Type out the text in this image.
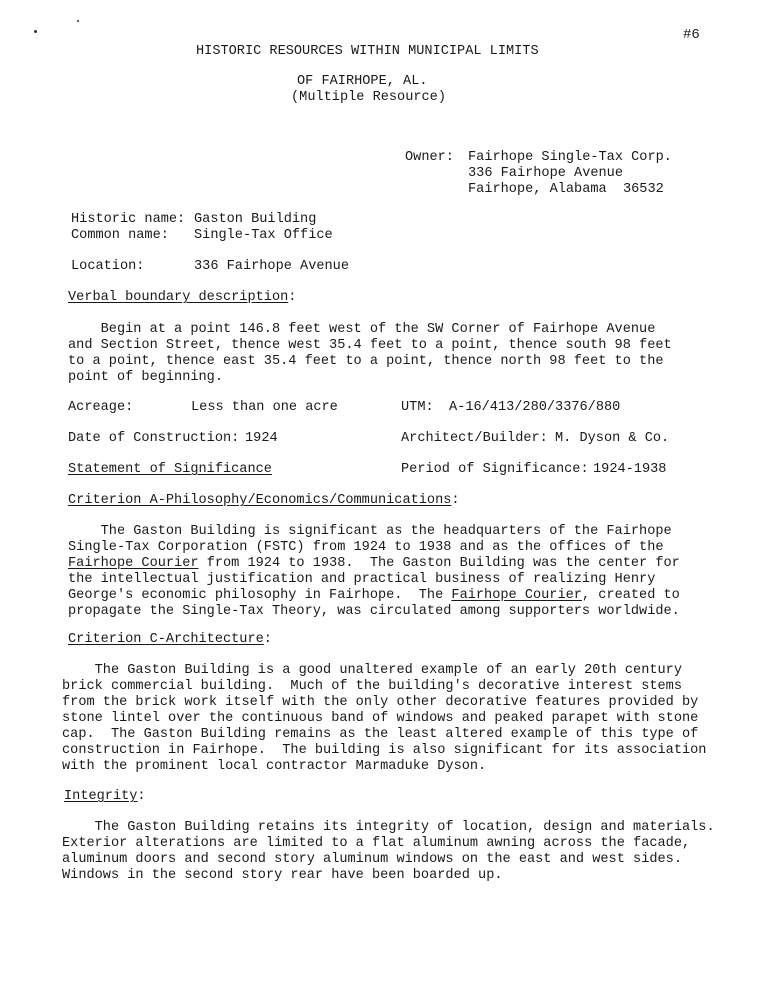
#6
HISTORIC RESOURCES WITHIN MUNICIPAL LIMITS
OF FAIRHOPE, AL.
(Multiple Resource)
Owner: Fairhope Single-Tax Corp.
336 Fairhope Avenue
Fairhope, Alabama  36532
Historic name: Gaston Building
Common name: Single-Tax Office
Location:	336 Fairhope Avenue
Verbal boundary description:
Begin at a point 146.8 feet west of the SW Corner of Fairhope Avenue
and Section Street, thence west 35.4 feet to a point, thence south 98 feet
to a point, thence east 35.4 feet to a point, thence north 98 feet to the
point of beginning.
Acreage:	Less than one acre	UTM: A-16/413/280/3376/880
Date of Construction: 1924	Architect/Builder: M. Dyson & Co.
Statement of Significance	Period of Significance: 1924-1938
Criterion A-Philosophy/Economics/Communications:
The Gaston Building is significant as the headquarters of the Fairhope
Single-Tax Corporation (FSTC) from 1924 to 1938 and as the offices of the
Fairhope Courier from 1924 to 1938.  The Gaston Building was the center for
the intellectual justification and practical business of realizing Henry
George's economic philosophy in Fairhope.  The Fairhope Courier, created to
propagate the Single-Tax Theory, was circulated among supporters worldwide.
Criterion C-Architecture:
The Gaston Building is a good unaltered example of an early 20th century
brick commercial building.  Much of the building's decorative interest stems
from the brick work itself with the only other decorative features provided by
stone lintel over the continuous band of windows and peaked parapet with stone
cap.  The Gaston Building remains as the least altered example of this type of
construction in Fairhope.  The building is also significant for its association
with the prominent local contractor Marmaduke Dyson.
Integrity:
The Gaston Building retains its integrity of location, design and materials.
Exterior alterations are limited to a flat aluminum awning across the facade,
aluminum doors and second story aluminum windows on the east and west sides.
Windows in the second story rear have been boarded up.
